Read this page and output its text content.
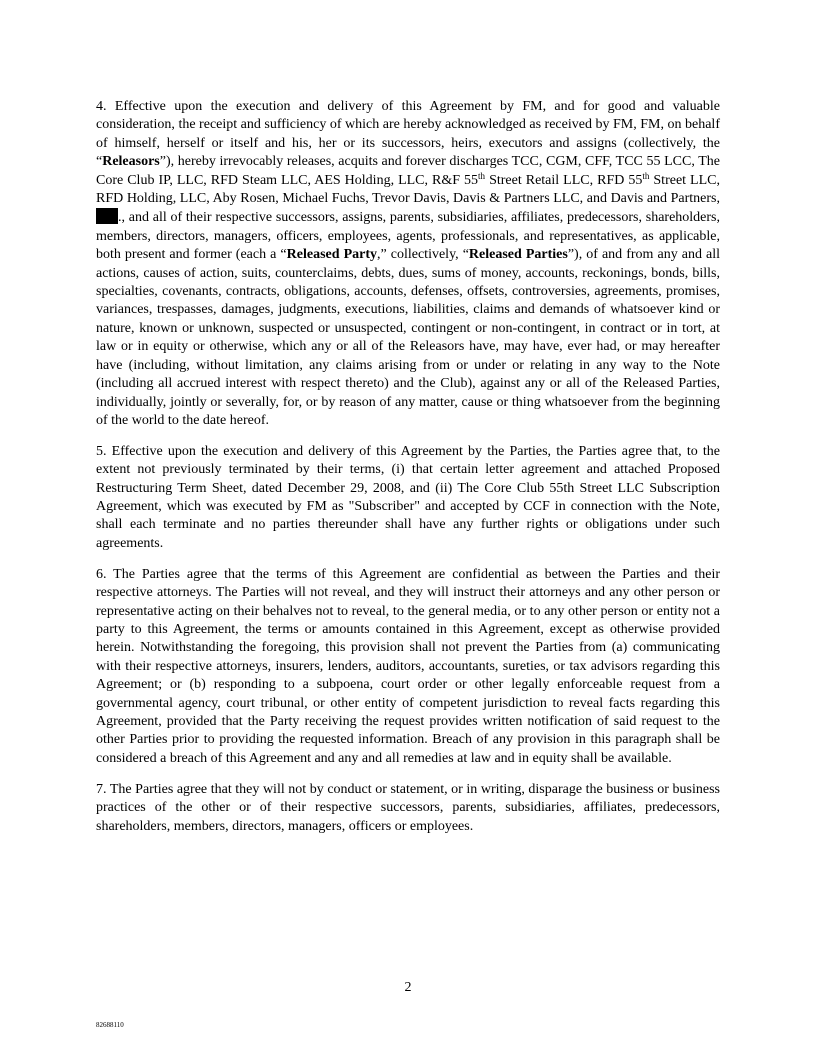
4. Effective upon the execution and delivery of this Agreement by FM, and for good and valuable consideration, the receipt and sufficiency of which are hereby acknowledged as received by FM, FM, on behalf of himself, herself or itself and his, her or its successors, heirs, executors and assigns (collectively, the “Releasors”), hereby irrevocably releases, acquits and forever discharges TCC, CGM, CFF, TCC 55 LCC, The Core Club IP, LLC, RFD Steam LLC, AES Holding, LLC, R&F 55th Street Retail LLC, RFD 55th Street LLC, RFD Holding, LLC, Aby Rosen, Michael Fuchs, Trevor Davis, Davis & Partners LLC, and Davis and Partners, ., and all of their respective successors, assigns, parents, subsidiaries, affiliates, predecessors, shareholders, members, directors, managers, officers, employees, agents, professionals, and representatives, as applicable, both present and former (each a “Released Party,” collectively, “Released Parties”), of and from any and all actions, causes of action, suits, counterclaims, debts, dues, sums of money, accounts, reckonings, bonds, bills, specialties, covenants, contracts, obligations, accounts, defenses, offsets, controversies, agreements, promises, variances, trespasses, damages, judgments, executions, liabilities, claims and demands of whatsoever kind or nature, known or unknown, suspected or unsuspected, contingent or non-contingent, in contract or in tort, at law or in equity or otherwise, which any or all of the Releasors have, may have, ever had, or may hereafter have (including, without limitation, any claims arising from or under or relating in any way to the Note (including all accrued interest with respect thereto) and the Club), against any or all of the Released Parties, individually, jointly or severally, for, or by reason of any matter, cause or thing whatsoever from the beginning of the world to the date hereof.

5. Effective upon the execution and delivery of this Agreement by the Parties, the Parties agree that, to the extent not previously terminated by their terms, (i) that certain letter agreement and attached Proposed Restructuring Term Sheet, dated December 29, 2008, and (ii) The Core Club 55th Street LLC Subscription Agreement, which was executed by FM as "Subscriber" and accepted by CCF in connection with the Note, shall each terminate and no parties thereunder shall have any further rights or obligations under such agreements.

6. The Parties agree that the terms of this Agreement are confidential as between the Parties and their respective attorneys. The Parties will not reveal, and they will instruct their attorneys and any other person or representative acting on their behalves not to reveal, to the general media, or to any other person or entity not a party to this Agreement, the terms or amounts contained in this Agreement, except as otherwise provided herein. Notwithstanding the foregoing, this provision shall not prevent the Parties from (a) communicating with their respective attorneys, insurers, lenders, auditors, accountants, sureties, or tax advisors regarding this Agreement; or (b) responding to a subpoena, court order or other legally enforceable request from a governmental agency, court tribunal, or other entity of competent jurisdiction to reveal facts regarding this Agreement, provided that the Party receiving the request provides written notification of said request to the other Parties prior to providing the requested information. Breach of any provision in this paragraph shall be considered a breach of this Agreement and any and all remedies at law and in equity shall be available.

7. The Parties agree that they will not by conduct or statement, or in writing, disparage the business or business practices of the other or of their respective successors, parents, subsidiaries, affiliates, predecessors, shareholders, members, directors, managers, officers or employees.

2
82688110
